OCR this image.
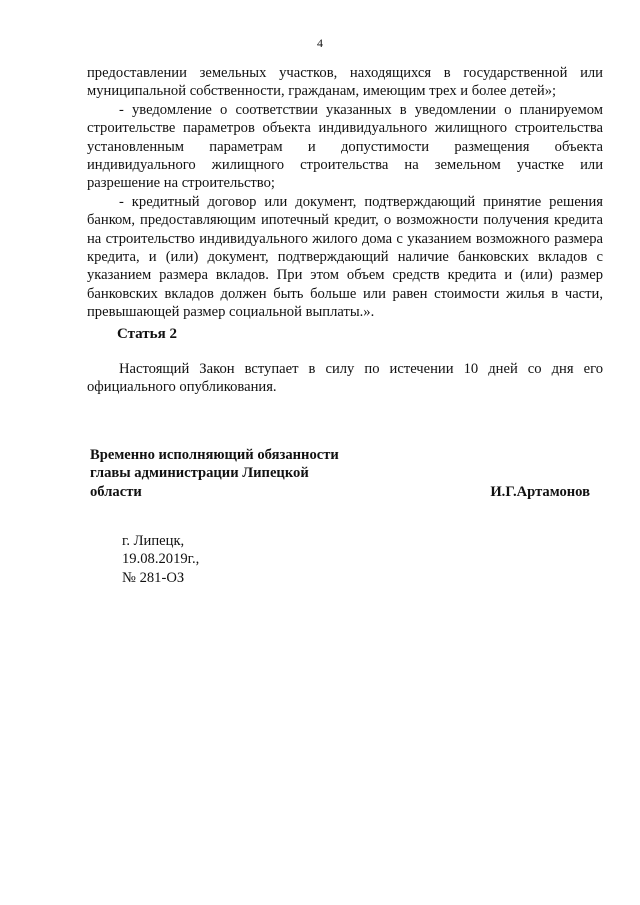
4

предоставлении земельных участков, находящихся в государственной или муниципальной собственности, гражданам, имеющим трех и более детей»;

- уведомление о соответствии указанных в уведомлении о планируемом строительстве параметров объекта индивидуального жилищного строительства установленным параметрам и допустимости размещения объекта индивидуального жилищного строительства на земельном участке или разрешение на строительство;

- кредитный договор или документ, подтверждающий принятие решения банком, предоставляющим ипотечный кредит, о возможности получения кредита на строительство индивидуального жилого дома с указанием возможного размера кредита, и (или) документ, подтверждающий наличие банковских вкладов с указанием размера вкладов. При этом объем средств кредита и (или) размер банковских вкладов должен быть больше или равен стоимости жилья в части, превышающей размер социальной выплаты.».

Статья 2

Настоящий Закон вступает в силу по истечении 10 дней со дня его официального опубликования.

Временно исполняющий обязанности
главы администрации Липецкой
области	И.Г.Артамонов
г. Липецк,
19.08.2019г.,
№ 281-ОЗ
